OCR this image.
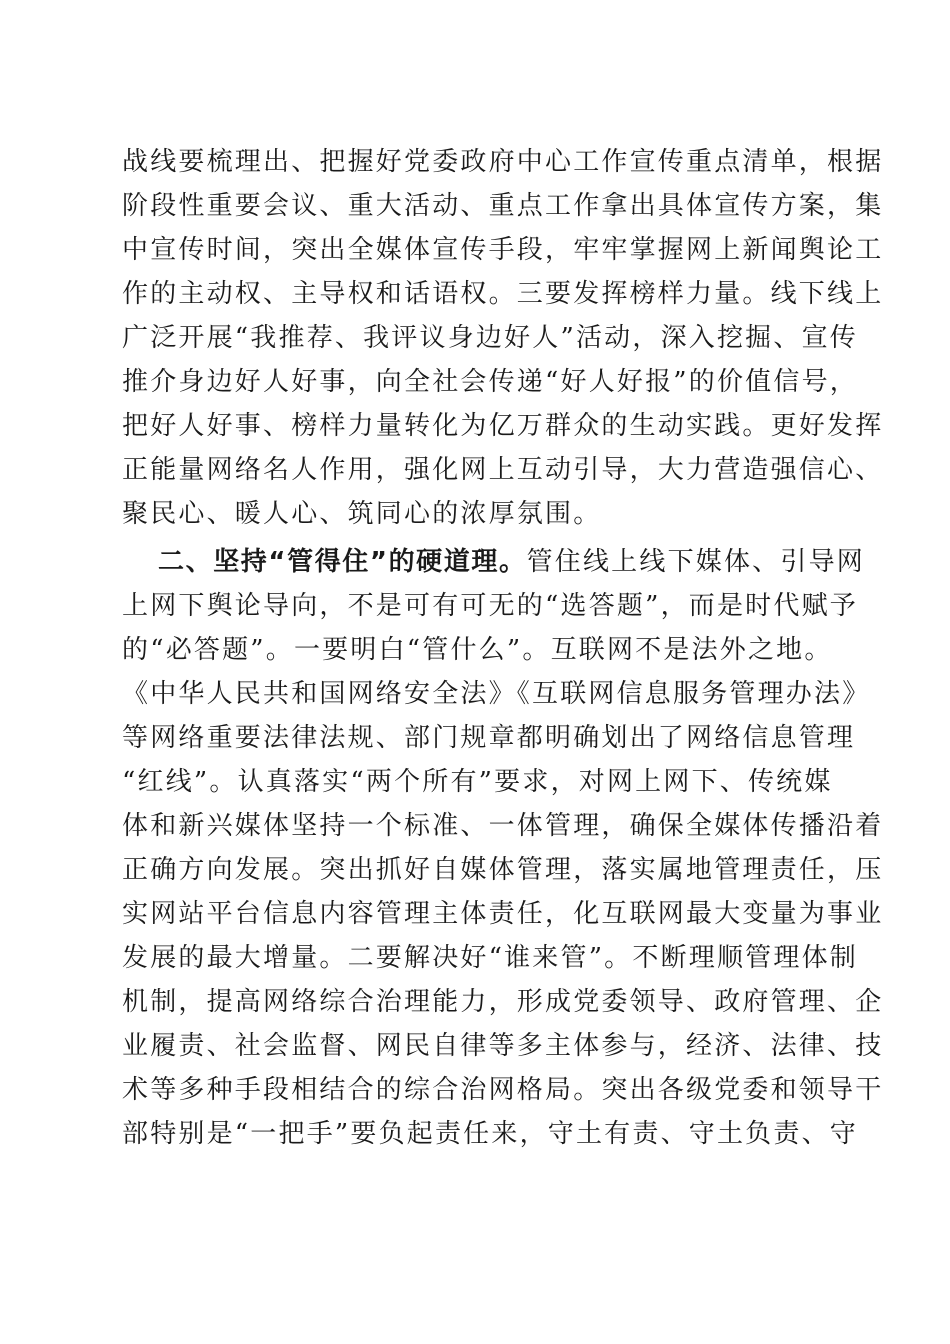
战线要梳理出、把握好党委政府中心工作宣传重点清单，根据
阶段性重要会议、重大活动、重点工作拿出具体宣传方案，集
中宣传时间，突出全媒体宣传手段，牢牢掌握网上新闻舆论工
作的主动权、主导权和话语权。三要发挥榜样力量。线下线上
广泛开展“我推荐、我评议身边好人”活动，深入挖掘、宣传
推介身边好人好事，向全社会传递“好人好报”的价值信号，
把好人好事、榜样力量转化为亿万群众的生动实践。更好发挥
正能量网络名人作用，强化网上互动引导，大力营造强信心、
聚民心、暖人心、筑同心的浓厚氛围。
二、坚持“管得住”的硬道理。管住线上线下媒体、引导网
上网下舆论导向，不是可有可无的“选答题”，而是时代赋予
的“必答题”。一要明白“管什么”。互联网不是法外之地。
《中华人民共和国网络安全法》《互联网信息服务管理办法》
等网络重要法律法规、部门规章都明确划出了网络信息管理
“红线”。认真落实“两个所有”要求，对网上网下、传统媒
体和新兴媒体坚持一个标准、一体管理，确保全媒体传播沿着
正确方向发展。突出抓好自媒体管理，落实属地管理责任，压
实网站平台信息内容管理主体责任，化互联网最大变量为事业
发展的最大增量。二要解决好“谁来管”。不断理顺管理体制
机制，提高网络综合治理能力，形成党委领导、政府管理、企
业履责、社会监督、网民自律等多主体参与，经济、法律、技
术等多种手段相结合的综合治网格局。突出各级党委和领导干
部特别是“一把手”要负起责任来，守土有责、守土负责、守
